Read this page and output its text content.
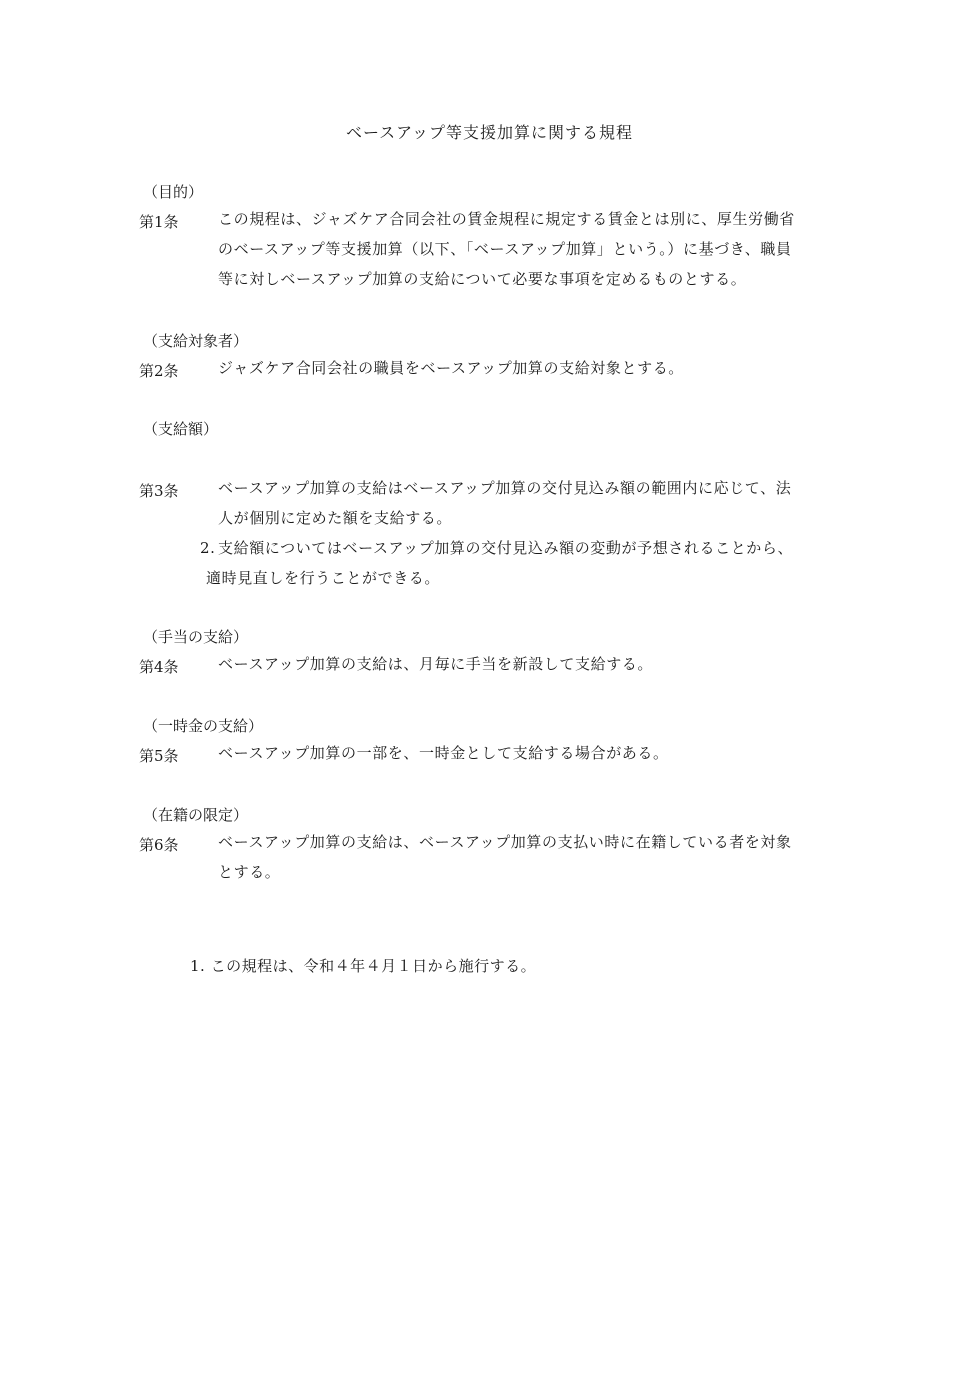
ベースアップ等支援加算に関する規程
（目的）
第1条	この規程は、ジャズケア合同会社の賃金規程に規定する賃金とは別に、厚生労働省
のベースアップ等支援加算（以下、「ベースアップ加算」という。）に基づき、職員
等に対しベースアップ加算の支給について必要な事項を定めるものとする。
（支給対象者）
第2条	ジャズケア合同会社の職員をベースアップ加算の支給対象とする。
（支給額）
第3条	ベースアップ加算の支給はベースアップ加算の交付見込み額の範囲内に応じて、法
人が個別に定めた額を支給する。
2. 支給額についてはベースアップ加算の交付見込み額の変動が予想されることから、
適時見直しを行うことができる。
（手当の支給）
第4条	ベースアップ加算の支給は、月毎に手当を新設して支給する。
（一時金の支給）
第5条	ベースアップ加算の一部を、一時金として支給する場合がある。
（在籍の限定）
第6条	ベースアップ加算の支給は、ベースアップ加算の支払い時に在籍している者を対象
とする。
1. この規程は、令和４年４月１日から施行する。
